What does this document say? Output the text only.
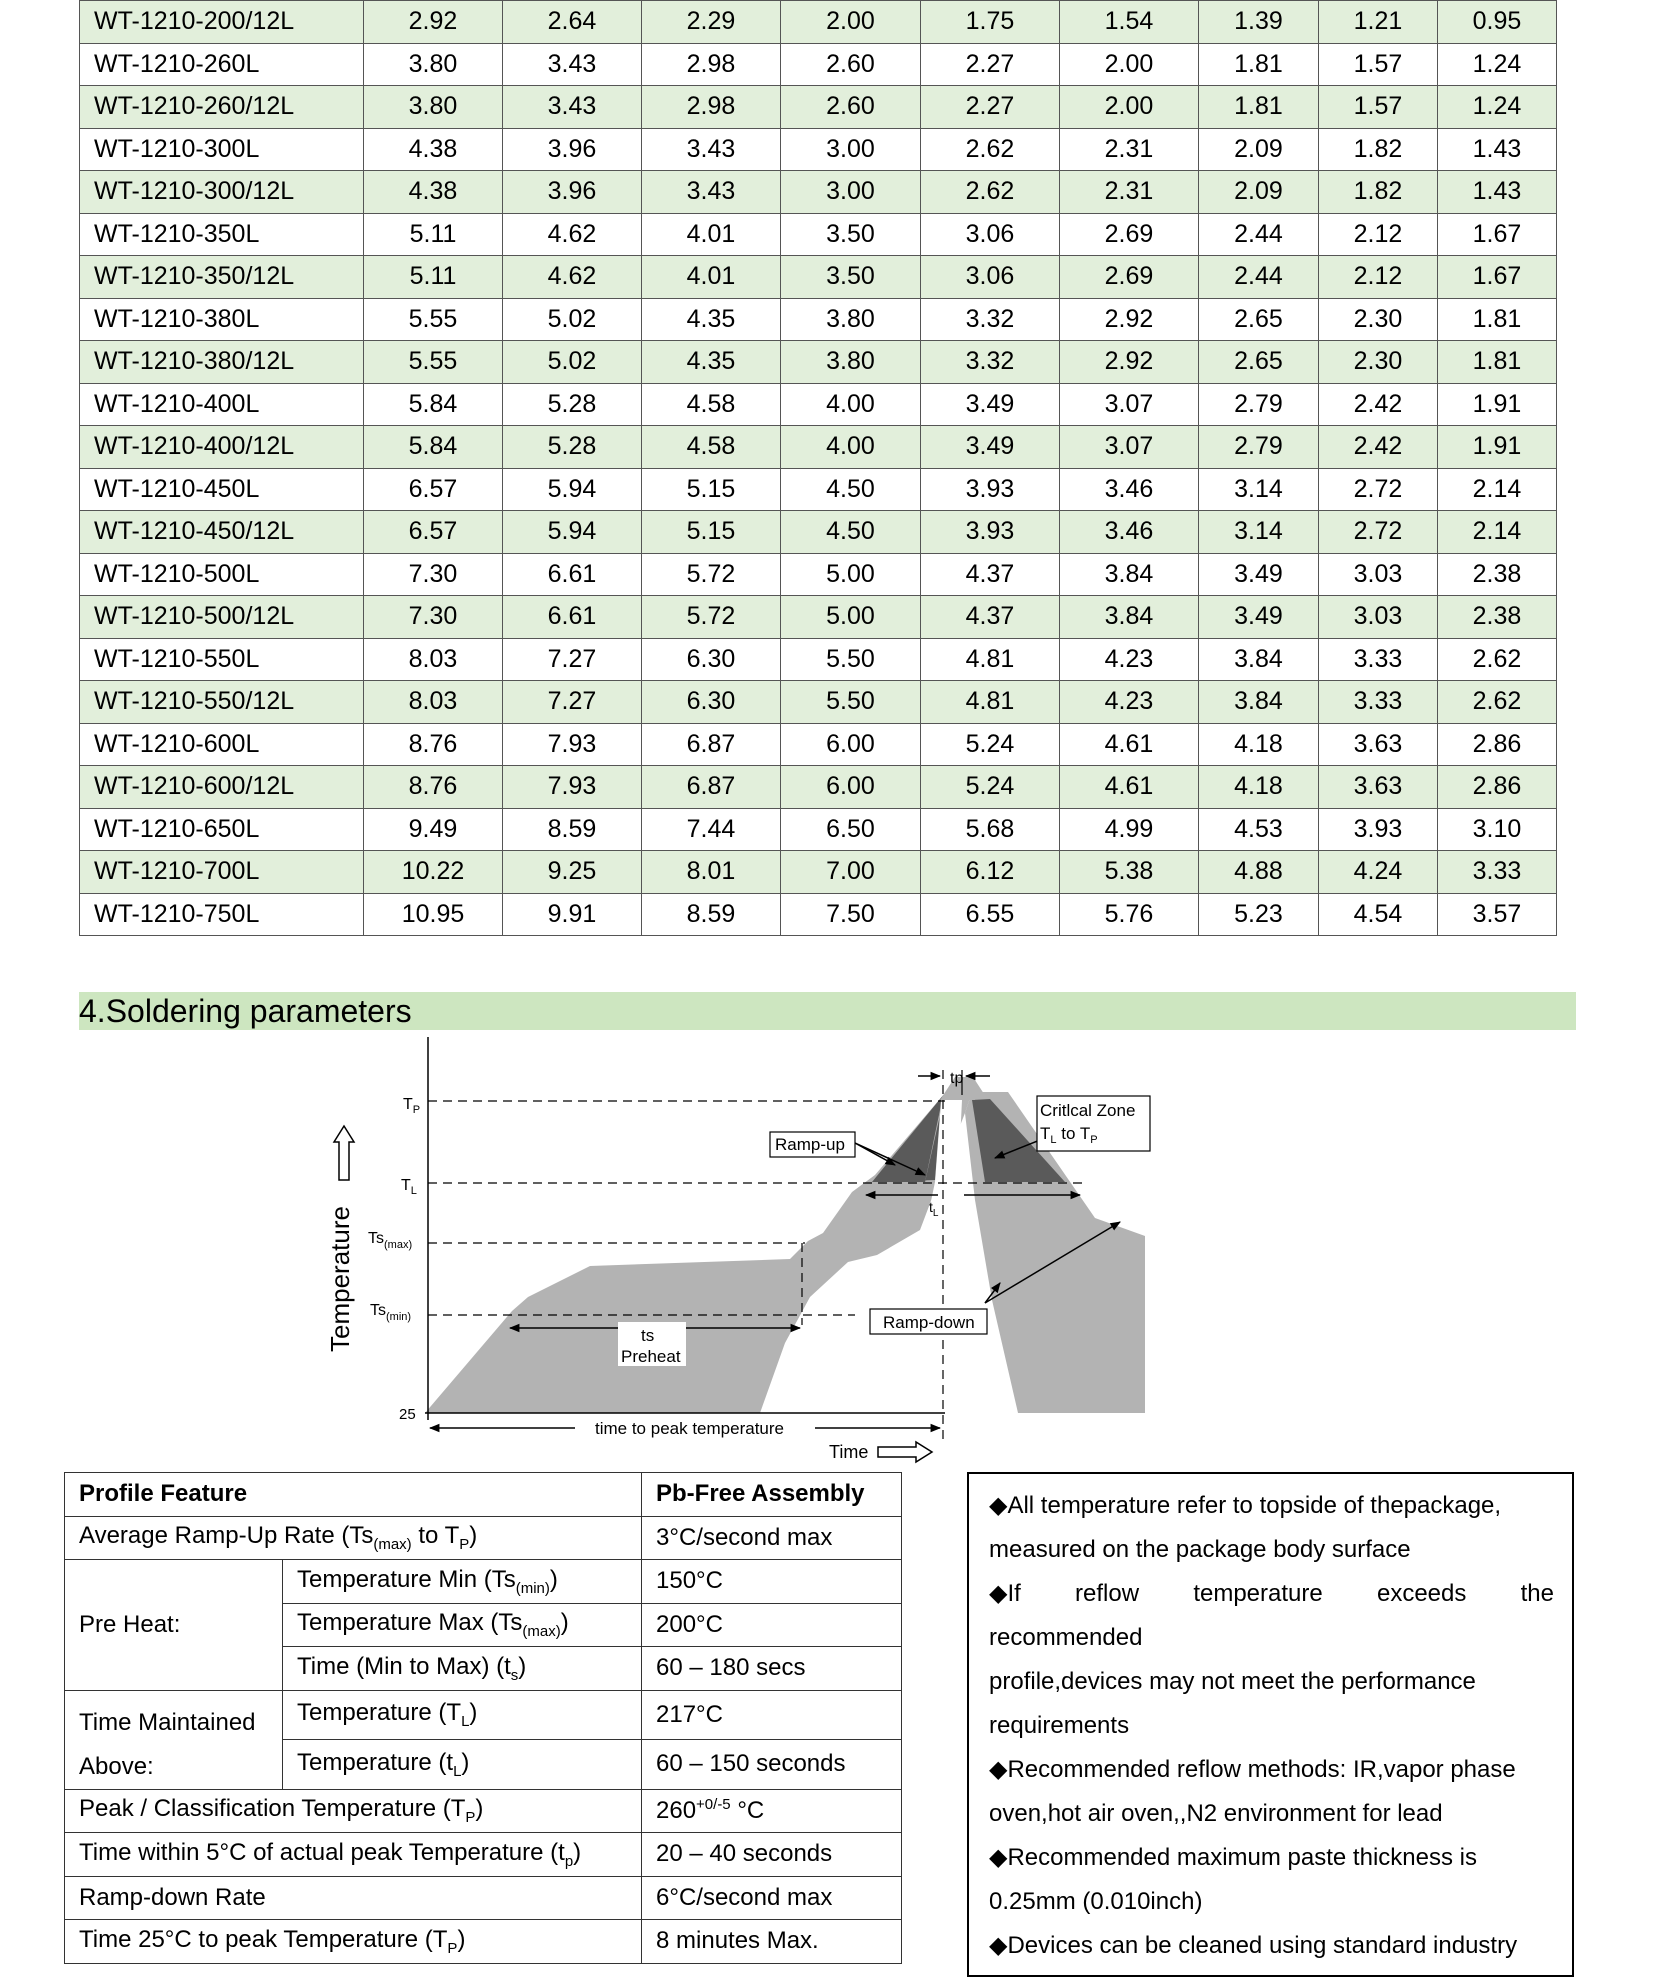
WT-1210-200/12L	2.92	2.64	2.29	2.00	1.75	1.54	1.39	1.21	0.95
WT-1210-260L	3.80	3.43	2.98	2.60	2.27	2.00	1.81	1.57	1.24
WT-1210-260/12L	3.80	3.43	2.98	2.60	2.27	2.00	1.81	1.57	1.24
WT-1210-300L	4.38	3.96	3.43	3.00	2.62	2.31	2.09	1.82	1.43
WT-1210-300/12L	4.38	3.96	3.43	3.00	2.62	2.31	2.09	1.82	1.43
WT-1210-350L	5.11	4.62	4.01	3.50	3.06	2.69	2.44	2.12	1.67
WT-1210-350/12L	5.11	4.62	4.01	3.50	3.06	2.69	2.44	2.12	1.67
WT-1210-380L	5.55	5.02	4.35	3.80	3.32	2.92	2.65	2.30	1.81
WT-1210-380/12L	5.55	5.02	4.35	3.80	3.32	2.92	2.65	2.30	1.81
WT-1210-400L	5.84	5.28	4.58	4.00	3.49	3.07	2.79	2.42	1.91
WT-1210-400/12L	5.84	5.28	4.58	4.00	3.49	3.07	2.79	2.42	1.91
WT-1210-450L	6.57	5.94	5.15	4.50	3.93	3.46	3.14	2.72	2.14
WT-1210-450/12L	6.57	5.94	5.15	4.50	3.93	3.46	3.14	2.72	2.14
WT-1210-500L	7.30	6.61	5.72	5.00	4.37	3.84	3.49	3.03	2.38
WT-1210-500/12L	7.30	6.61	5.72	5.00	4.37	3.84	3.49	3.03	2.38
WT-1210-550L	8.03	7.27	6.30	5.50	4.81	4.23	3.84	3.33	2.62
WT-1210-550/12L	8.03	7.27	6.30	5.50	4.81	4.23	3.84	3.33	2.62
WT-1210-600L	8.76	7.93	6.87	6.00	5.24	4.61	4.18	3.63	2.86
WT-1210-600/12L	8.76	7.93	6.87	6.00	5.24	4.61	4.18	3.63	2.86
WT-1210-650L	9.49	8.59	7.44	6.50	5.68	4.99	4.53	3.93	3.10
WT-1210-700L	10.22	9.25	8.01	7.00	6.12	5.38	4.88	4.24	3.33
WT-1210-750L	10.95	9.91	8.59	7.50	6.55	5.76	5.23	4.54	3.57
4.Soldering parameters
$T_P$
$T_L$
$Ts_{(max)}$
$Ts_{(min)}$
25
Temperature
Time
tp
$t_L$
Ramp-up
Ramp-down
Critlcal Zone
$T_L$ to $T_P$
ts
Preheat
time to peak temperature
Profile Feature		Pb-Free Assembly
Average Ramp-Up Rate ($Ts_{(max)}$ to $T_P$)		3°C/second max
Pre Heat:	Temperature Min $(Ts_{(min)})$	150°C
	Temperature Max $(Ts_{(max)})$	200°C
	Time (Min to Max) $(t_s)$	60 – 180 secs
Time Maintained
Above:	Temperature $(T_L)$	217°C
	Temperature $(t_L)$	60 – 150 seconds
Peak / Classification Temperature $(T_P)$		$260^{+0/-5}$ °C
Time within 5°C of actual peak Temperature $(t_p)$		20 – 40 seconds
Ramp-down Rate		6°C/second max
Time 25°C to peak Temperature $(T_P)$		8 minutes Max.
◆All temperature refer to topside of thepackage,
measured on the package body surface
◆If reflow temperature exceeds the
recommended
profile,devices may not meet the performance
requirements
◆Recommended reflow methods: IR,vapor phase
oven,hot air oven,,N2 environment for lead
◆Recommended maximum paste thickness is
0.25mm (0.010inch)
◆Devices can be cleaned using standard industry
